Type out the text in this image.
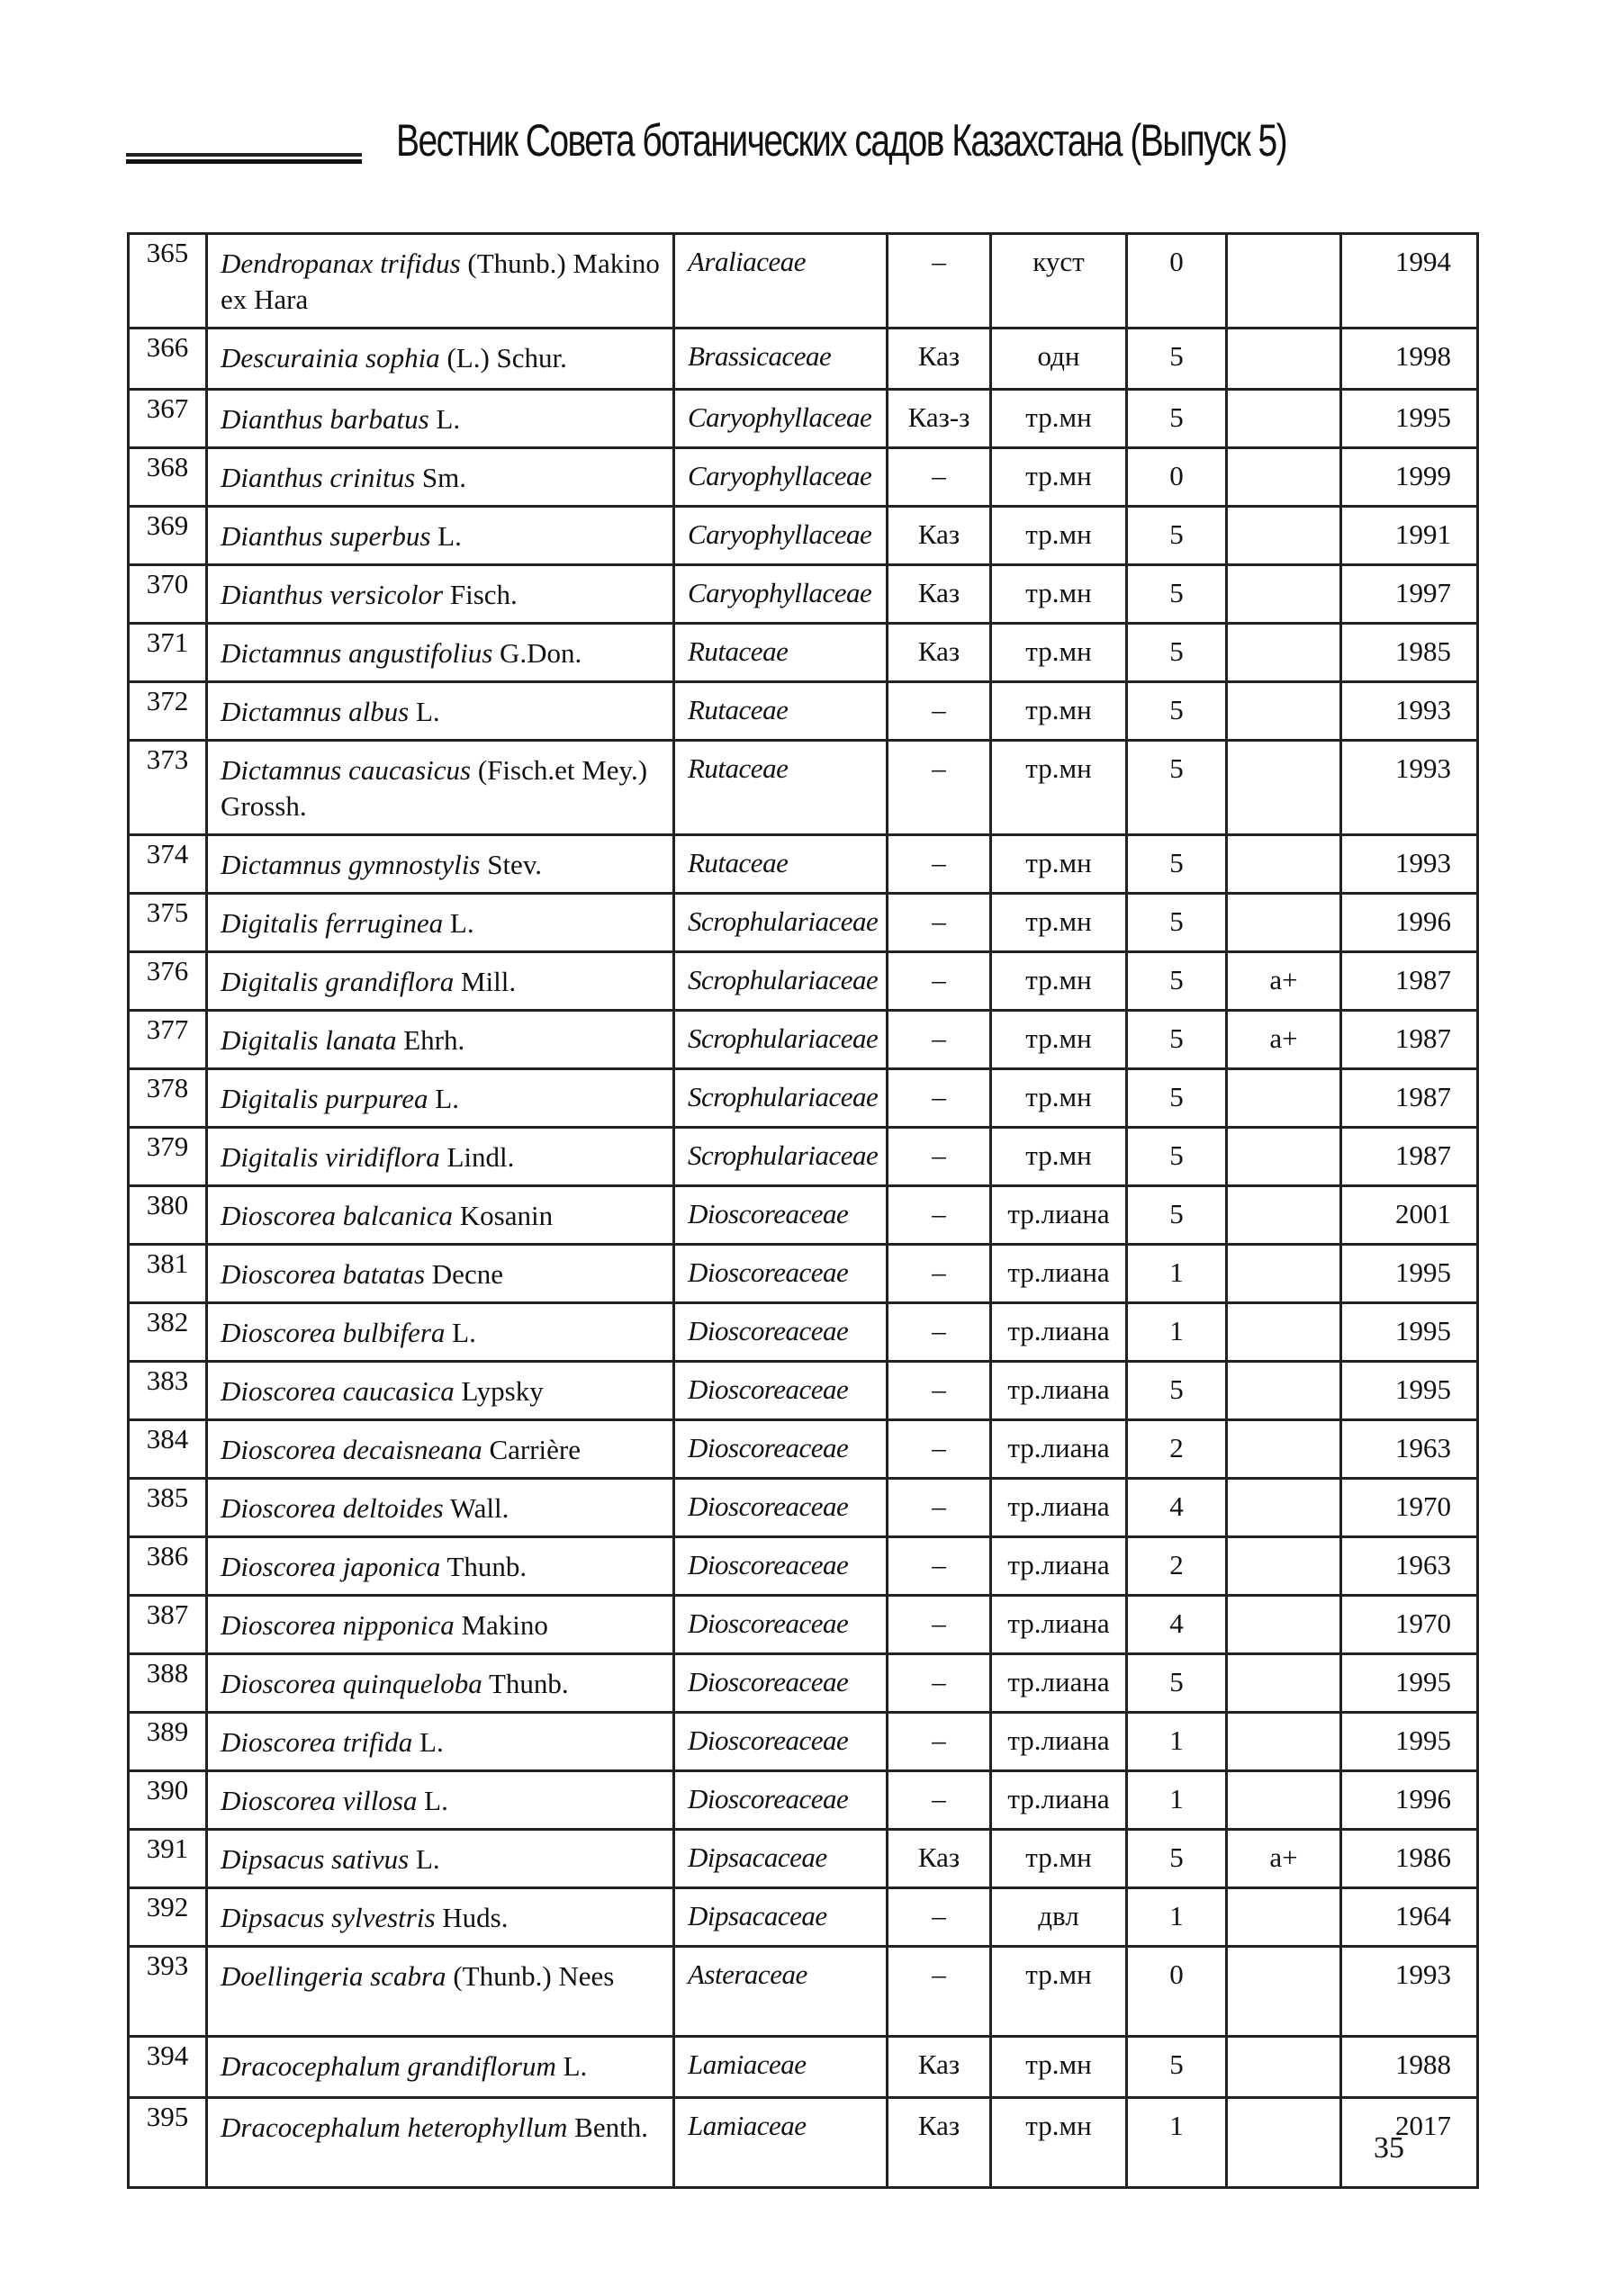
Вестник Совета ботанических садов Казахстана (Выпуск 5)
365	Dendropanax trifidus (Thunb.) Makino ex Hara	Araliaceae	–	куст	0		1994
366	Descurainia sophia (L.) Schur.	Brassicaceae	Каз	одн	5		1998
367	Dianthus barbatus L.	Caryophyllaceae	Каз-з	тр.мн	5		1995
368	Dianthus crinitus Sm.	Caryophyllaceae	–	тр.мн	0		1999
369	Dianthus superbus L.	Caryophyllaceae	Каз	тр.мн	5		1991
370	Dianthus versicolor Fisch.	Caryophyllaceae	Каз	тр.мн	5		1997
371	Dictamnus angustifolius G.Don.	Rutaceae	Каз	тр.мн	5		1985
372	Dictamnus albus L.	Rutaceae	–	тр.мн	5		1993
373	Dictamnus caucasicus (Fisch.et Mey.) Grossh.	Rutaceae	–	тр.мн	5		1993
374	Dictamnus gymnostylis Stev.	Rutaceae	–	тр.мн	5		1993
375	Digitalis ferruginea L.	Scrophulariaceae	–	тр.мн	5		1996
376	Digitalis grandiflora Mill.	Scrophulariaceae	–	тр.мн	5	а+	1987
377	Digitalis lanata Ehrh.	Scrophulariaceae	–	тр.мн	5	а+	1987
378	Digitalis purpurea L.	Scrophulariaceae	–	тр.мн	5		1987
379	Digitalis viridiflora Lindl.	Scrophulariaceae	–	тр.мн	5		1987
380	Dioscorea balcanica Kosanin	Dioscoreaceae	–	тр.лиана	5		2001
381	Dioscorea batatas Decne	Dioscoreaceae	–	тр.лиана	1		1995
382	Dioscorea bulbifera L.	Dioscoreaceae	–	тр.лиана	1		1995
383	Dioscorea caucasica Lypsky	Dioscoreaceae	–	тр.лиана	5		1995
384	Dioscorea decaisneana Carrière	Dioscoreaceae	–	тр.лиана	2		1963
385	Dioscorea deltoides Wall.	Dioscoreaceae	–	тр.лиана	4		1970
386	Dioscorea japonica Thunb.	Dioscoreaceae	–	тр.лиана	2		1963
387	Dioscorea nipponica Makino	Dioscoreaceae	–	тр.лиана	4		1970
388	Dioscorea quinqueloba Thunb.	Dioscoreaceae	–	тр.лиана	5		1995
389	Dioscorea trifida L.	Dioscoreaceae	–	тр.лиана	1		1995
390	Dioscorea villosa L.	Dioscoreaceae	–	тр.лиана	1		1996
391	Dipsacus sativus L.	Dipsacaceae	Каз	тр.мн	5	а+	1986
392	Dipsacus sylvestris Huds.	Dipsacaceae	–	двл	1		1964
393	Doellingeria scabra (Thunb.) Nees	Asteraceae	–	тр.мн	0		1993
394	Dracocephalum grandiflorum L.	Lamiaceae	Каз	тр.мн	5		1988
395	Dracocephalum heterophyllum Benth.	Lamiaceae	Каз	тр.мн	1		2017
35
